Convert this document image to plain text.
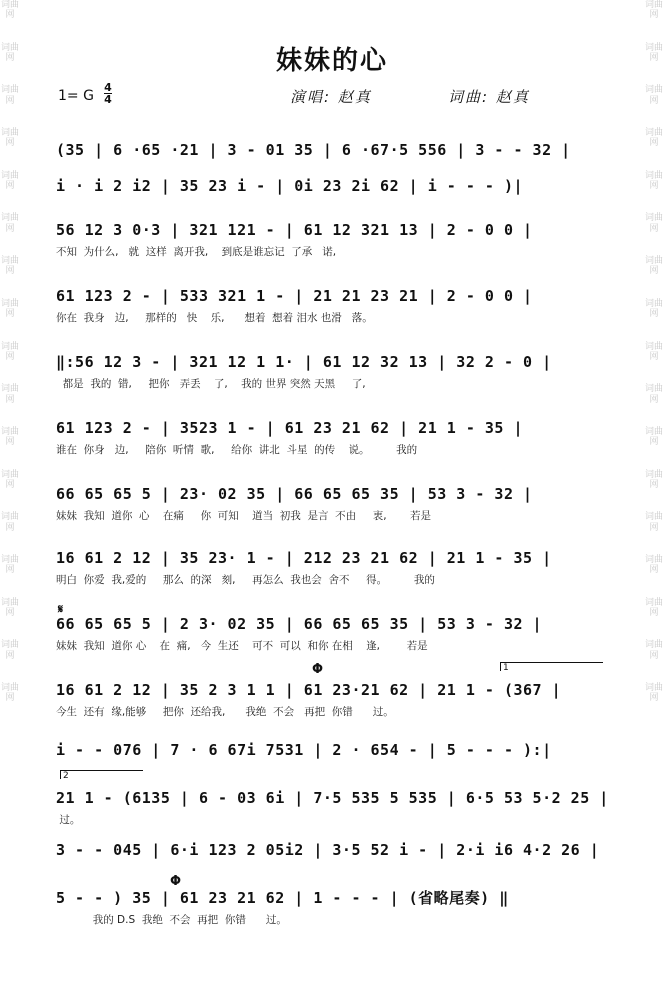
词曲网
词曲网
词曲网
词曲网
词曲网
词曲网
词曲网
词曲网
词曲网
词曲网
词曲网
词曲网
词曲网
词曲网
词曲网
词曲网
词曲网
词曲网
词曲网
词曲网
词曲网
词曲网
词曲网
词曲网
词曲网
词曲网
词曲网
词曲网
词曲网
词曲网
词曲网
词曲网
词曲网
词曲网
妹妹的心
1= G
4
4	演唱: 赵真	词曲: 赵真
(35 | 6 ·65 ·21 | 3 - 01 35 | 6 ·67·5 556 | 3 - - 32 |
i · i 2 i2 | 35 23 i - | 0i 23 2i 62 | i - - - )|
56 12 3 0·3 | 321 121 - | 61 12 321 13 | 2 - 0 0 |
不知  为什么,   就  这样  离开我,    到底是谁忘记  了承   诺,
61 123 2 - | 533 321 1 - | 21 21 23 21 | 2 - 0 0 |
你在  我身   边,     那样的   快    乐,      想着  想着 泪水 也滑   落。
‖:56 12 3 - | 321 12 1 1· | 61 12 32 13 | 32 2 - 0 |
都是  我的  错,     把你   弄丢    了,    我的 世界 突然 天黑     了,
61 123 2 - | 3523 1 - | 61 23 21 62 | 21 1 - 35 |
谁在  你身   边,     陪你  听情  歌,     给你  讲北  斗星  的传    说。        我的
66 65 65 5 | 23· 02 35 | 66 65 65 35 | 53 3 - 32 |
妹妹  我知  道你  心    在痛     你  可知    道当  初我  是言  不由     衷,       若是
16 61 2 12 | 35 23· 1 - | 212 23 21 62 | 21 1 - 35 |
明白  你爱  我,爱的     那么  的深   刻,     再怎么  我也会  舍不     得。        我的
𝄋
66 65 65 5 | 2 3· 02 35 | 66 65 65 35 | 53 3 - 32 |
妹妹  我知  道你 心    在  痛,   今  生还    可不  可以  和你 在相    逢,        若是
1
Φ
16 61 2 12 | 35 2 3 1 1 | 61 23·21 62 | 21 1 - (367 |
今生  还有  缘,能够     把你  还给我,      我绝  不会   再把  你错      过。
i - - 076 | 7 · 6 67i 7531 | 2 · 654 - | 5 - - - ):|
2
21 1 - (6135 | 6 - 03 6i | 7·5 535 5 535 | 6·5 53 5·2 25 |
过。
3 - - 045 | 6·i 123 2 05i2 | 3·5 52 i - | 2·i i6 4·2 26 |
Φ
5 - - ) 35 | 61 23 21 62 | 1 - - - | (省略尾奏) ‖
我的 D.S  我绝  不会  再把  你错      过。
